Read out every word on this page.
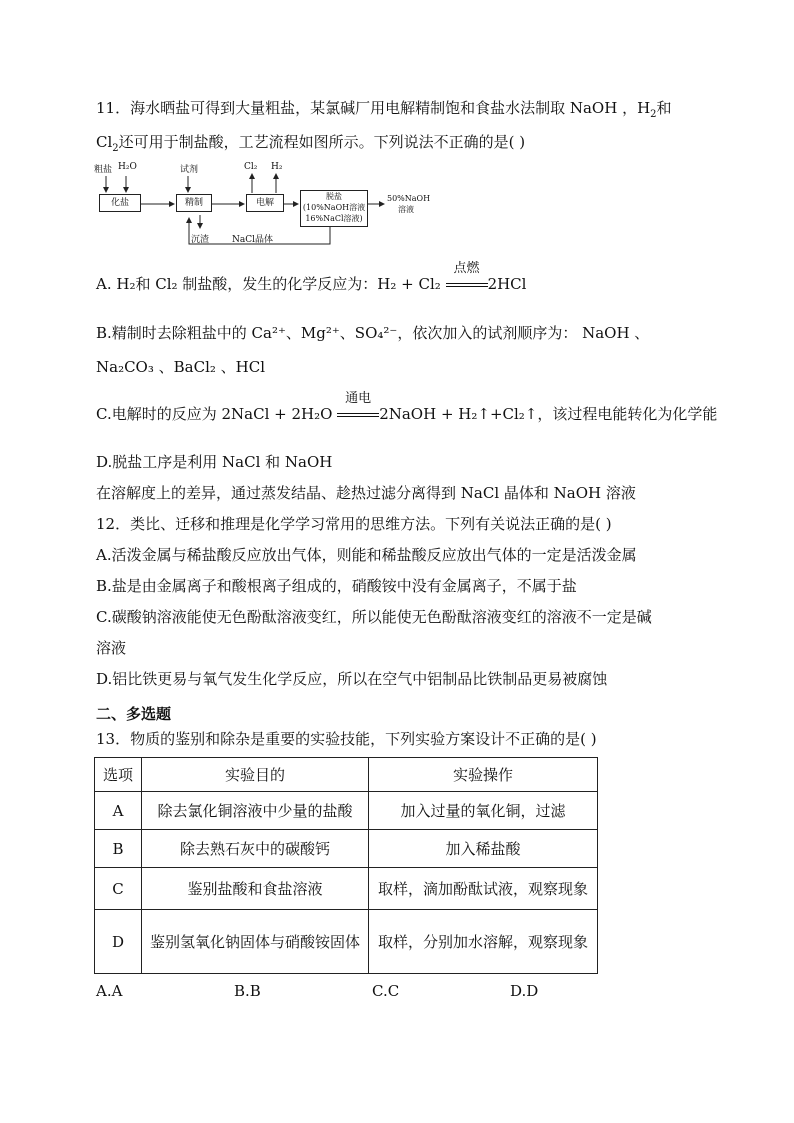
11．海水晒盐可得到大量粗盐，某氯碱厂用电解精制饱和食盐水法制取 NaOH ，$H_2$和
$Cl_2$还可用于制盐酸，工艺流程如图所示。下列说法不正确的是( )
粗盐 H₂O	试剂	Cl₂ H₂
化盐	精制	电解
脱盐
(10%NaOH溶液
16%NaCl溶液)
50%NaOH
溶液
沉渣	NaCl晶体
A. H₂和 Cl₂ 制盐酸，发生的化学反应为：H₂ + Cl₂
点燃
2HCl
B.精制时去除粗盐中的 Ca²⁺、Mg²⁺、SO₄²⁻，依次加入的试剂顺序为： NaOH 、
Na₂CO₃ 、BaCl₂ 、HCl
C.电解时的反应为 2NaCl + 2H₂O
通电
2NaOH + H₂↑+Cl₂↑，该过程电能转化为化学能
D.脱盐工序是利用 NaCl 和 NaOH
在溶解度上的差异，通过蒸发结晶、趁热过滤分离得到 NaCl 晶体和 NaOH 溶液
12．类比、迁移和推理是化学学习常用的思维方法。下列有关说法正确的是( )
A.活泼金属与稀盐酸反应放出气体，则能和稀盐酸反应放出气体的一定是活泼金属
B.盐是由金属离子和酸根离子组成的，硝酸铵中没有金属离子，不属于盐
C.碳酸钠溶液能使无色酚酞溶液变红，所以能使无色酚酞溶液变红的溶液不一定是碱
溶液
D.铝比铁更易与氧气发生化学反应，所以在空气中铝制品比铁制品更易被腐蚀
二、多选题
13．物质的鉴别和除杂是重要的实验技能，下列实验方案设计不正确的是( )
选项	实验目的	实验操作
A	除去氯化铜溶液中少量的盐酸	加入过量的氧化铜，过滤
B	除去熟石灰中的碳酸钙	加入稀盐酸
C	鉴别盐酸和食盐溶液	取样，滴加酚酞试液，观察现象
D	鉴别氢氧化钠固体与硝酸铵固体	取样，分别加水溶解，观察现象
A.A	B.B	C.C	D.D
